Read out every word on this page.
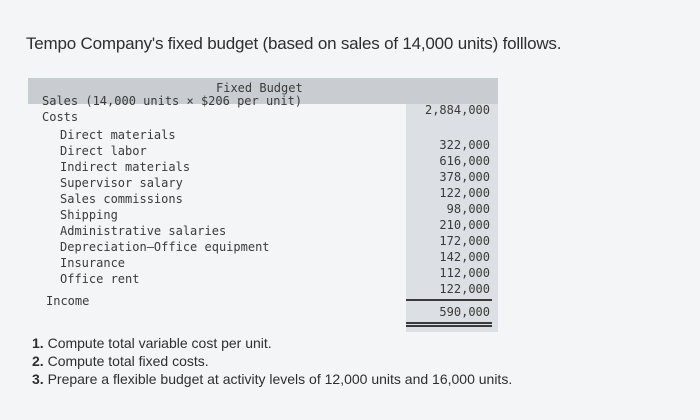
Tempo Company's fixed budget (based on sales of 14,000 units) folllows.
Fixed Budget
Sales (14,000 units × $206 per unit)
2,884,000
Costs
Direct materials
Direct labor
Indirect materials
Supervisor salary
Sales commissions
Shipping
Administrative salaries
Depreciation—Office equipment
Insurance
Office rent
322,000
616,000
378,000
122,000
98,000
210,000
172,000
142,000
112,000
122,000
Income
590,000
1. Compute total variable cost per unit.
2. Compute total fixed costs.
3. Prepare a flexible budget at activity levels of 12,000 units and 16,000 units.
